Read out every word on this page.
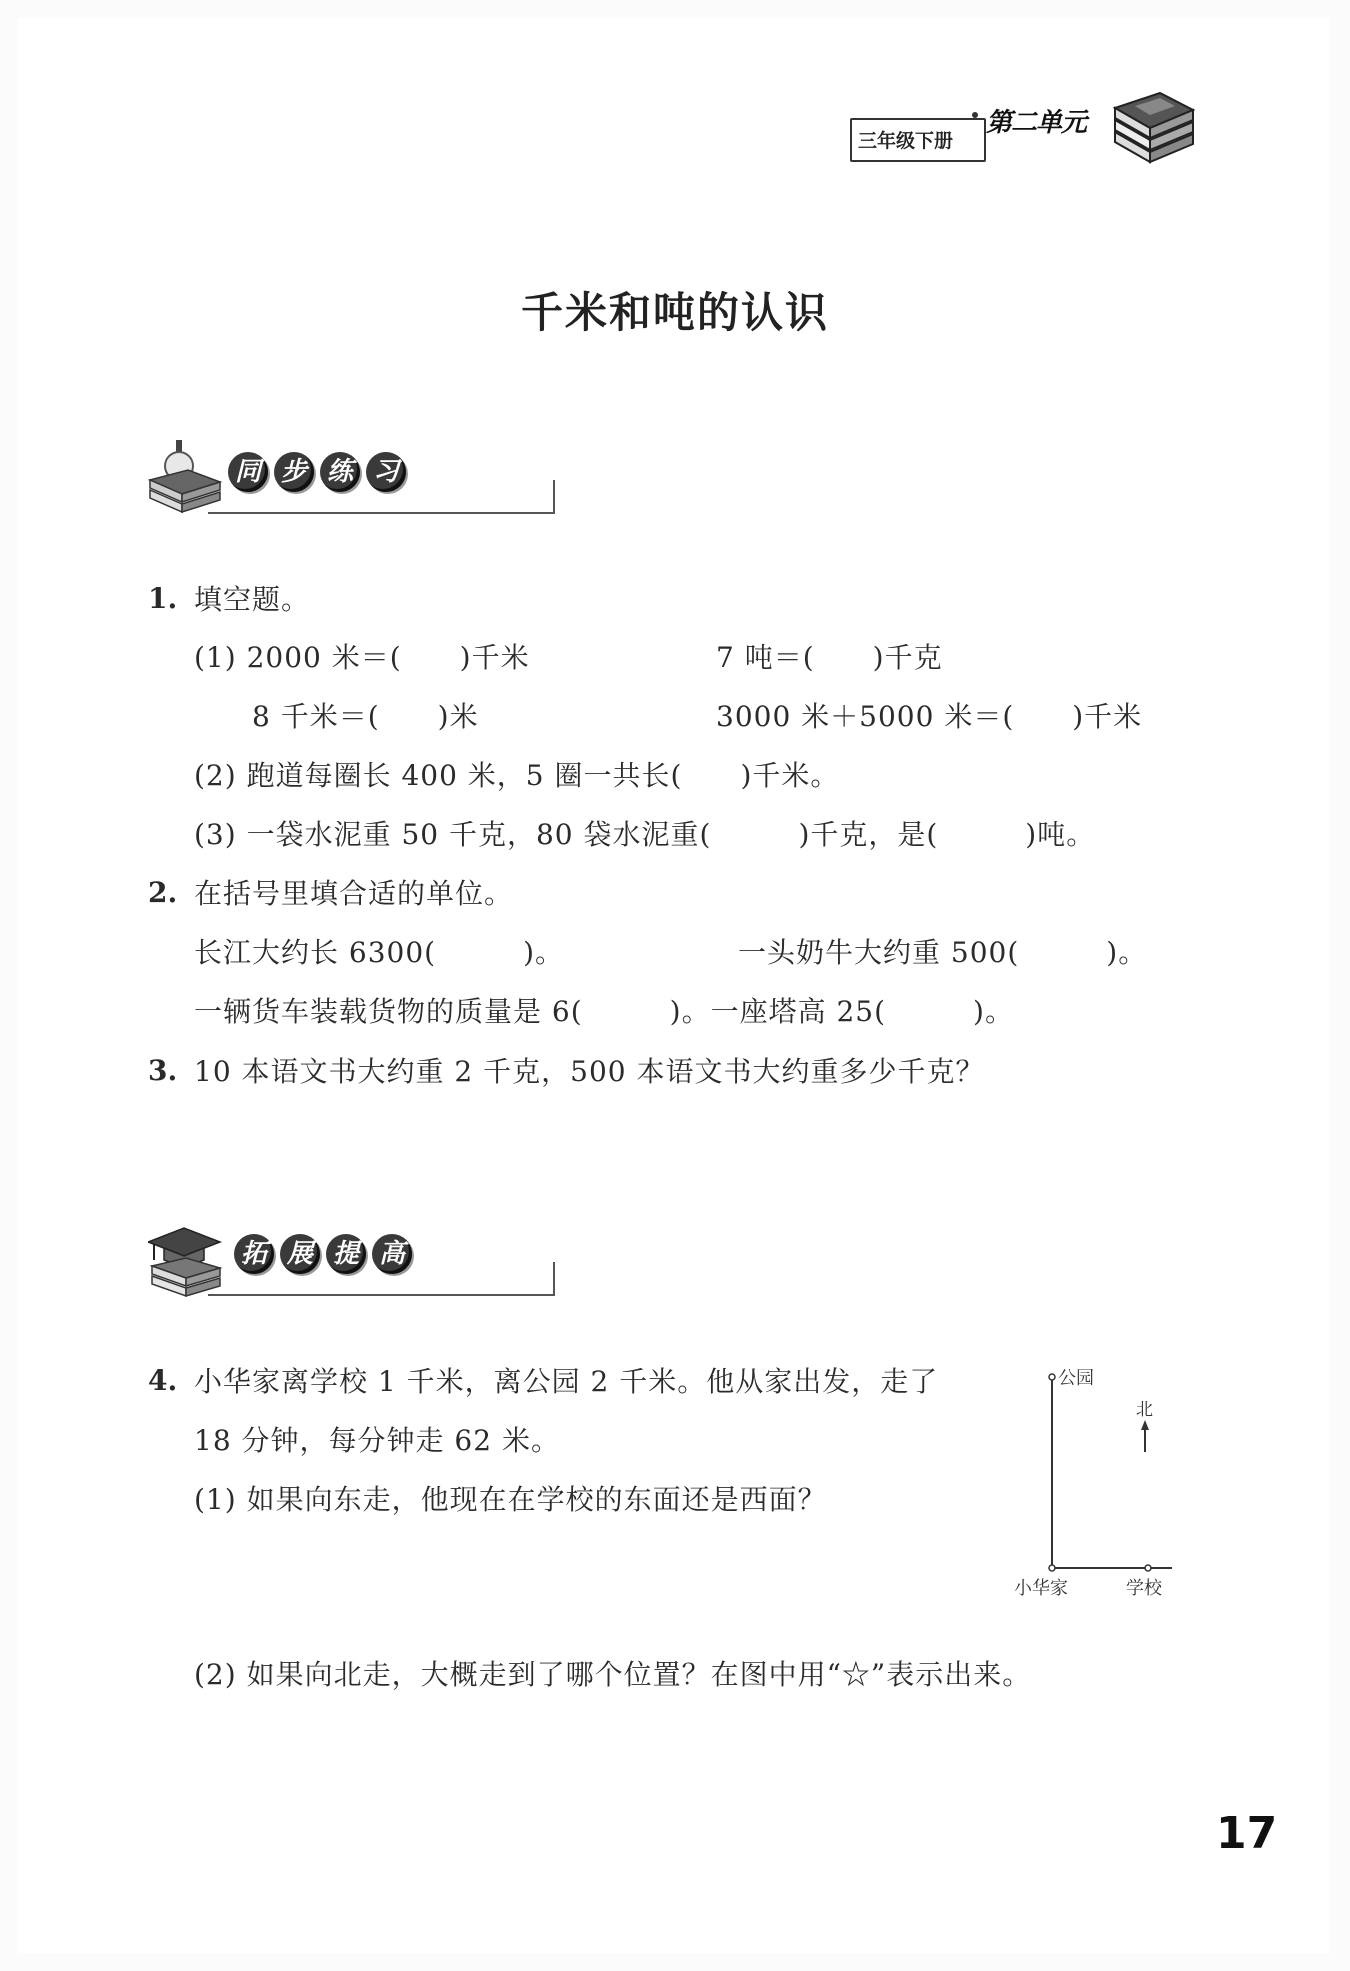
三年级下册
第二单元
千米和吨的认识
同 步 练 习
1. 填空题。
(1) 2000 米＝(　　)千米	7 吨＝(　　)千克
8 千米＝(　　)米	3000 米＋5000 米＝(　　)千米
(2) 跑道每圈长 400 米，5 圈一共长(　　)千米。
(3) 一袋水泥重 50 千克，80 袋水泥重(　　　)千克，是(　　　)吨。
2. 在括号里填合适的单位。
长江大约长 6300(　　　)。	一头奶牛大约重 500(　　　)。
一辆货车装载货物的质量是 6(　　　)。一座塔高 25(　　　)。
3. 10 本语文书大约重 2 千克，500 本语文书大约重多少千克？
拓 展 提 高
4. 小华家离学校 1 千米，离公园 2 千米。他从家出发，走了
18 分钟，每分钟走 62 米。
(1) 如果向东走，他现在在学校的东面还是西面？
(2) 如果向北走，大概走到了哪个位置？在图中用“☆”表示出来。
公园
北
小华家	学校
17
